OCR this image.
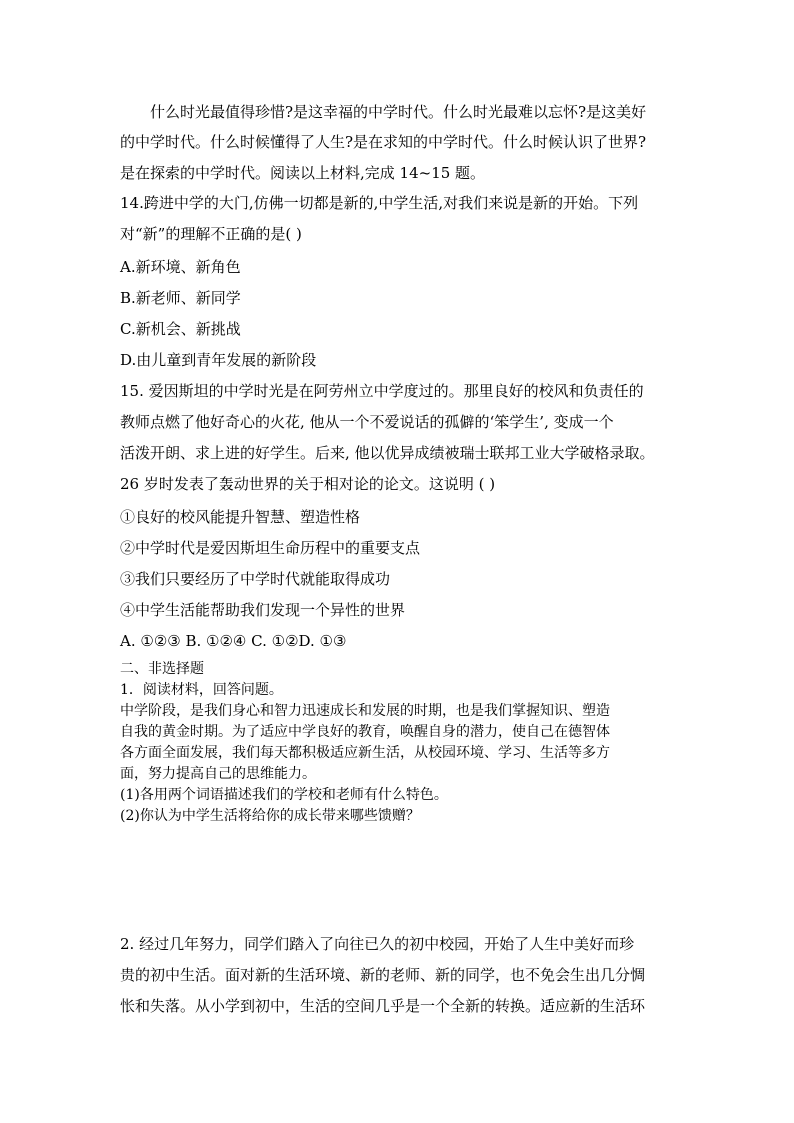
什么时光最值得珍惜?是这幸福的中学时代。什么时光最难以忘怀?是这美好
的中学时代。什么时候懂得了人生?是在求知的中学时代。什么时候认识了世界?
是在探索的中学时代。阅读以上材料,完成 14~15 题。
14.跨进中学的大门,仿佛一切都是新的,中学生活,对我们来说是新的开始。下列
对“新”的理解不正确的是( )
A.新环境、新角色
B.新老师、新同学
C.新机会、新挑战
D.由儿童到青年发展的新阶段
15. 爱因斯坦的中学时光是在阿劳州立中学度过的。那里良好的校风和负责任的
教师点燃了他好奇心的火花, 他从一个不爱说话的孤僻的‘笨学生’, 变成一个
活泼开朗、求上进的好学生。后来, 他以优异成绩被瑞士联邦工业大学破格录取。
26 岁时发表了轰动世界的关于相对论的论文。这说明 ( )
①良好的校风能提升智慧、塑造性格
②中学时代是爱因斯坦生命历程中的重要支点
③我们只要经历了中学时代就能取得成功
④中学生活能帮助我们发现一个异性的世界
A. ①②③ B. ①②④ C. ①②D. ①③
二、非选择题
1．阅读材料，回答问题。
中学阶段，是我们身心和智力迅速成长和发展的时期，也是我们掌握知识、塑造
自我的黄金时期。为了适应中学良好的教育，唤醒自身的潜力，使自己在德智体
各方面全面发展，我们每天都积极适应新生活，从校园环境、学习、生活等多方
面，努力提高自己的思维能力。
(1)各用两个词语描述我们的学校和老师有什么特色。
(2)你认为中学生活将给你的成长带来哪些馈赠？
2. 经过几年努力，同学们踏入了向往已久的初中校园，开始了人生中美好而珍
贵的初中生活。面对新的生活环境、新的老师、新的同学，也不免会生出几分惆
怅和失落。从小学到初中，生活的空间几乎是一个全新的转换。适应新的生活环
